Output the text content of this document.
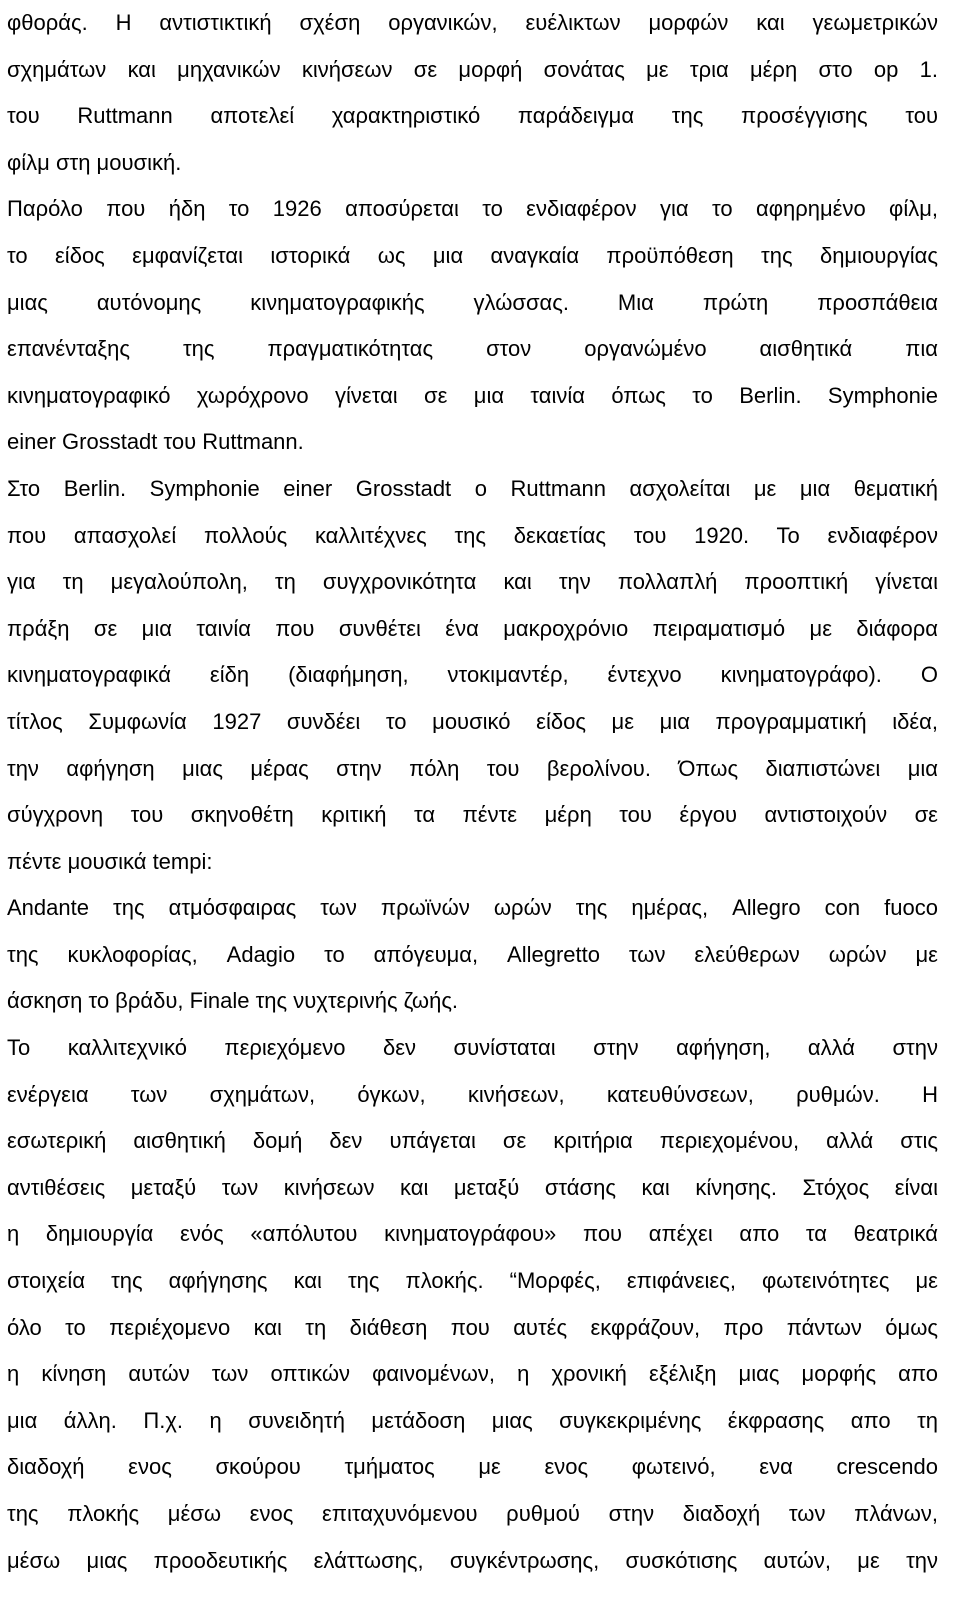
φθοράς. Η αντιστικτική σχέση οργανικών, ευέλικτων μορφών και γεωμετρικών
σχημάτων και μηχανικών κινήσεων σε μορφή σονάτας με τρια μέρη στο op 1.
του Ruttmann αποτελεί χαρακτηριστικό παράδειγμα της προσέγγισης του
φίλμ στη μουσική.

Παρόλο που ήδη το 1926 αποσύρεται το ενδιαφέρον για το αφηρημένο φίλμ,
το είδος εμφανίζεται ιστορικά ως μια αναγκαία προϋπόθεση της δημιουργίας
μιας αυτόνομης κινηματογραφικής γλώσσας. Μια πρώτη προσπάθεια
επανένταξης της πραγματικότητας στον οργανώμένο αισθητικά πια
κινηματογραφικό χωρόχρονο γίνεται σε μια ταινία όπως το Berlin. Symphonie
einer Grosstadt του Ruttmann.

Στο Berlin. Symphonie einer Grosstadt o Ruttmann ασχολείται με μια θεματική
που απασχολεί πολλούς καλλιτέχνες της δεκαετίας του 1920. Το ενδιαφέρον
για τη μεγαλούπολη, τη συγχρονικότητα και την πολλαπλή προοπτική γίνεται
πράξη σε μια ταινία που συνθέτει ένα μακροχρόνιο πειραματισμό με διάφορα
κινηματογραφικά είδη (διαφήμηση, ντοκιμαντέρ, έντεχνο κινηματογράφο). Ο
τίτλος Συμφωνία 1927 συνδέει το μουσικό είδος με μια προγραμματική ιδέα,
την αφήγηση μιας μέρας στην πόλη του βερολίνου. Όπως διαπιστώνει μια
σύγχρονη του σκηνοθέτη κριτική τα πέντε μέρη του έργου αντιστοιχούν σε
πέντε μουσικά tempi:

Andante της ατμόσφαιρας των πρωϊνών ωρών της ημέρας, Allegro con fuoco
της κυκλοφορίας, Adagio το απόγευμα, Allegretto των ελεύθερων ωρών με
άσκηση το βράδυ, Finale της νυχτερινής ζωής.

Το καλλιτεχνικό περιεχόμενο δεν συνίσταται στην αφήγηση, αλλά στην
ενέργεια των σχημάτων, όγκων, κινήσεων, κατευθύνσεων, ρυθμών. Η
εσωτερική αισθητική δομή δεν υπάγεται σε κριτήρια περιεχομένου, αλλά στις
αντιθέσεις μεταξύ των κινήσεων και μεταξύ στάσης και κίνησης. Στόχος είναι
η δημιουργία ενός «απόλυτου κινηματογράφου» που απέχει απο τα θεατρικά
στοιχεία της αφήγησης και της πλοκής. “Μορφές, επιφάνειες, φωτεινότητες με
όλο το περιέχομενο και τη διάθεση που αυτές εκφράζουν, προ πάντων όμως
η κίνηση αυτών των οπτικών φαινομένων, η χρονική εξέλιξη μιας μορφής απο
μια άλλη. Π.χ. η συνειδητή μετάδοση μιας συγκεκριμένης έκφρασης απο τη
διαδοχή ενος σκούρου τμήματος με ενος φωτεινό, ενα crescendo
της πλοκής μέσω ενος επιταχυνόμενου ρυθμού στην διαδοχή των πλάνων,
μέσω μιας προοδευτικής ελάττωσης, συγκέντρωσης, συσκότισης αυτών, με την
